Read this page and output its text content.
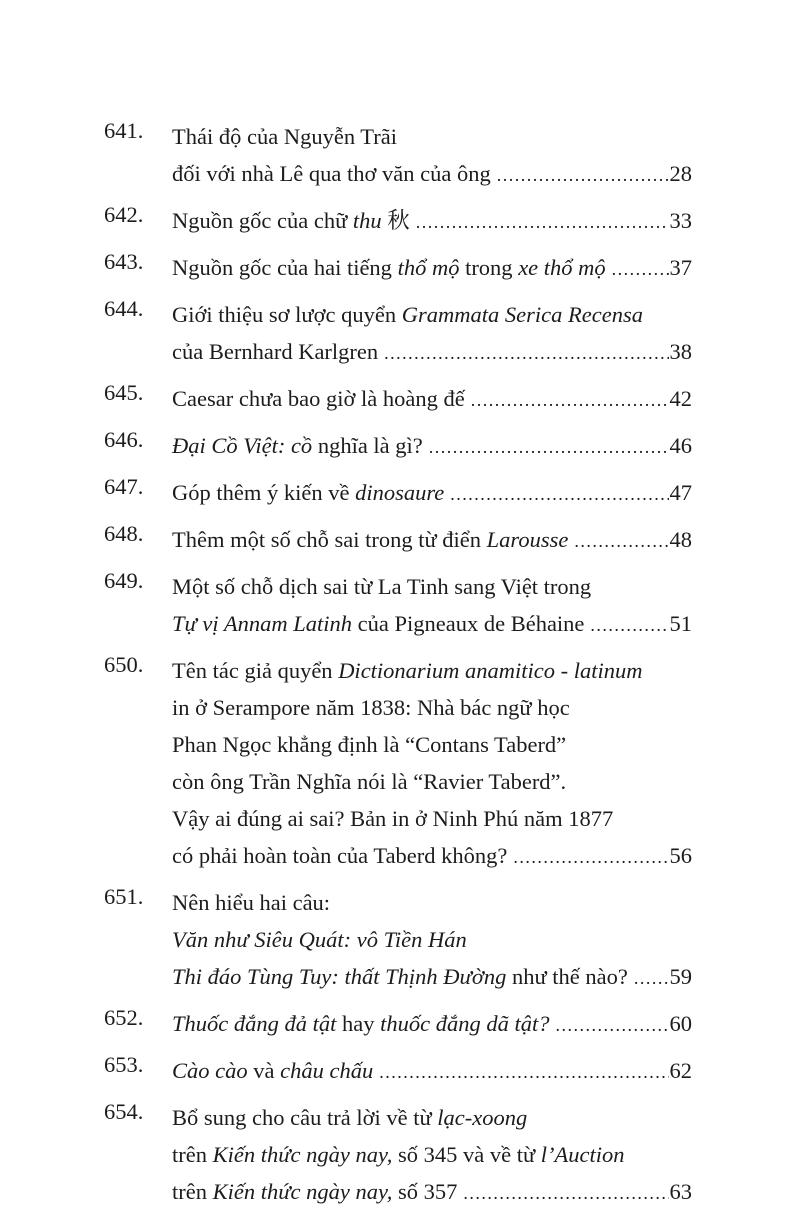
641.	Thái độ của Nguyễn Trãi
đối với nhà Lê qua thơ văn của ông .....	28
642.	Nguồn gốc của chữ thu 秋 .....	33
643.	Nguồn gốc của hai tiếng thổ mộ trong xe thổ mộ .....	37
644.	Giới thiệu sơ lược quyển Grammata Serica Recensa
của Bernhard Karlgren .....	38
645.	Caesar chưa bao giờ là hoàng đế .....	42
646.	Đại Cồ Việt: cồ nghĩa là gì? .....	46
647.	Góp thêm ý kiến về dinosaure .....	47
648.	Thêm một số chỗ sai trong từ điển Larousse .....	48
649.	Một số chỗ dịch sai từ La Tinh sang Việt trong
Tự vị Annam Latinh của Pigneaux de Béhaine .....	51
650.	Tên tác giả quyển Dictionarium anamitico - latinum
in ở Serampore năm 1838: Nhà bác ngữ học
Phan Ngọc khẳng định là “Contans Taberd”
còn ông Trần Nghĩa nói là “Ravier Taberd”.
Vậy ai đúng ai sai? Bản in ở Ninh Phú năm 1877
có phải hoàn toàn của Taberd không? .....	56
651.	Nên hiểu hai câu:
Văn như Siêu Quát: vô Tiền Hán
Thi đáo Tùng Tuy: thất Thịnh Đường như thế nào? ..... 59
652.	Thuốc đắng đả tật hay thuốc đắng dã tật? .....	60
653.	Cào cào và châu chấu .....	62
654.	Bổ sung cho câu trả lời về từ lạc-xoong
trên Kiến thức ngày nay, số 345 và về từ l’Auction
trên Kiến thức ngày nay, số 357 .....	63
